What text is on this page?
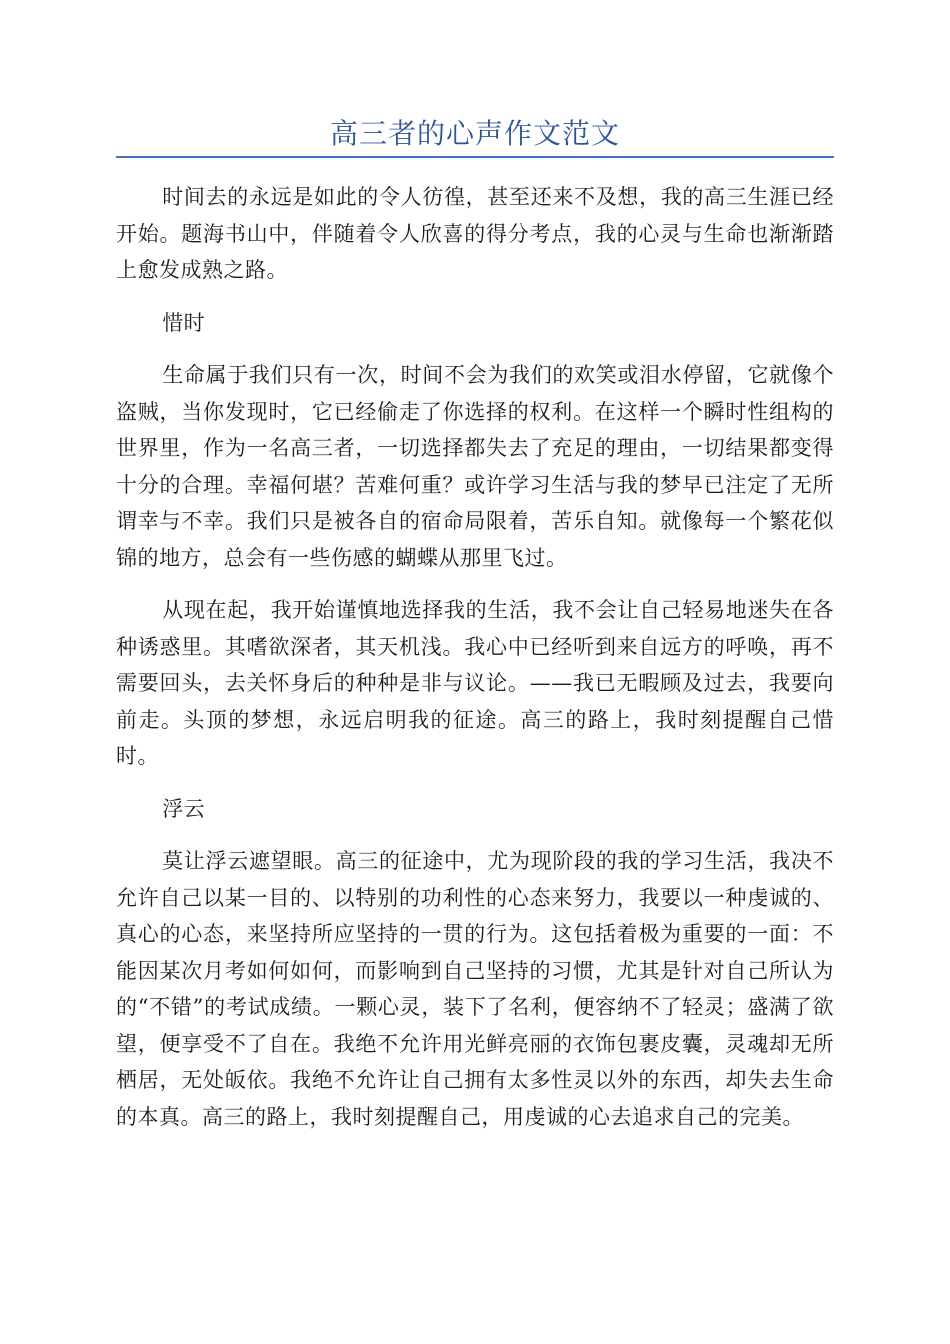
高三者的心声作文范文

时间去的永远是如此的令人彷徨，甚至还来不及想，我的高三生涯已经开始。题海书山中，伴随着令人欣喜的得分考点，我的心灵与生命也渐渐踏上愈发成熟之路。

惜时

生命属于我们只有一次，时间不会为我们的欢笑或泪水停留，它就像个盗贼，当你发现时，它已经偷走了你选择的权利。在这样一个瞬时性组构的世界里，作为一名高三者，一切选择都失去了充足的理由，一切结果都变得十分的合理。幸福何堪？苦难何重？或许学习生活与我的梦早已注定了无所谓幸与不幸。我们只是被各自的宿命局限着，苦乐自知。就像每一个繁花似锦的地方，总会有一些伤感的蝴蝶从那里飞过。

从现在起，我开始谨慎地选择我的生活，我不会让自己轻易地迷失在各种诱惑里。其嗜欲深者，其天机浅。我心中已经听到来自远方的呼唤，再不需要回头，去关怀身后的种种是非与议论。——我已无暇顾及过去，我要向前走。头顶的梦想，永远启明我的征途。高三的路上，我时刻提醒自己惜时。

浮云

莫让浮云遮望眼。高三的征途中，尤为现阶段的我的学习生活，我决不允许自己以某一目的、以特别的功利性的心态来努力，我要以一种虔诚的、真心的心态，来坚持所应坚持的一贯的行为。这包括着极为重要的一面：不能因某次月考如何如何，而影响到自己坚持的习惯，尤其是针对自己所认为的“不错”的考试成绩。一颗心灵，装下了名利，便容纳不了轻灵；盛满了欲望，便享受不了自在。我绝不允许用光鲜亮丽的衣饰包裹皮囊，灵魂却无所栖居，无处皈依。我绝不允许让自己拥有太多性灵以外的东西，却失去生命的本真。高三的路上，我时刻提醒自己，用虔诚的心去追求自己的完美。
